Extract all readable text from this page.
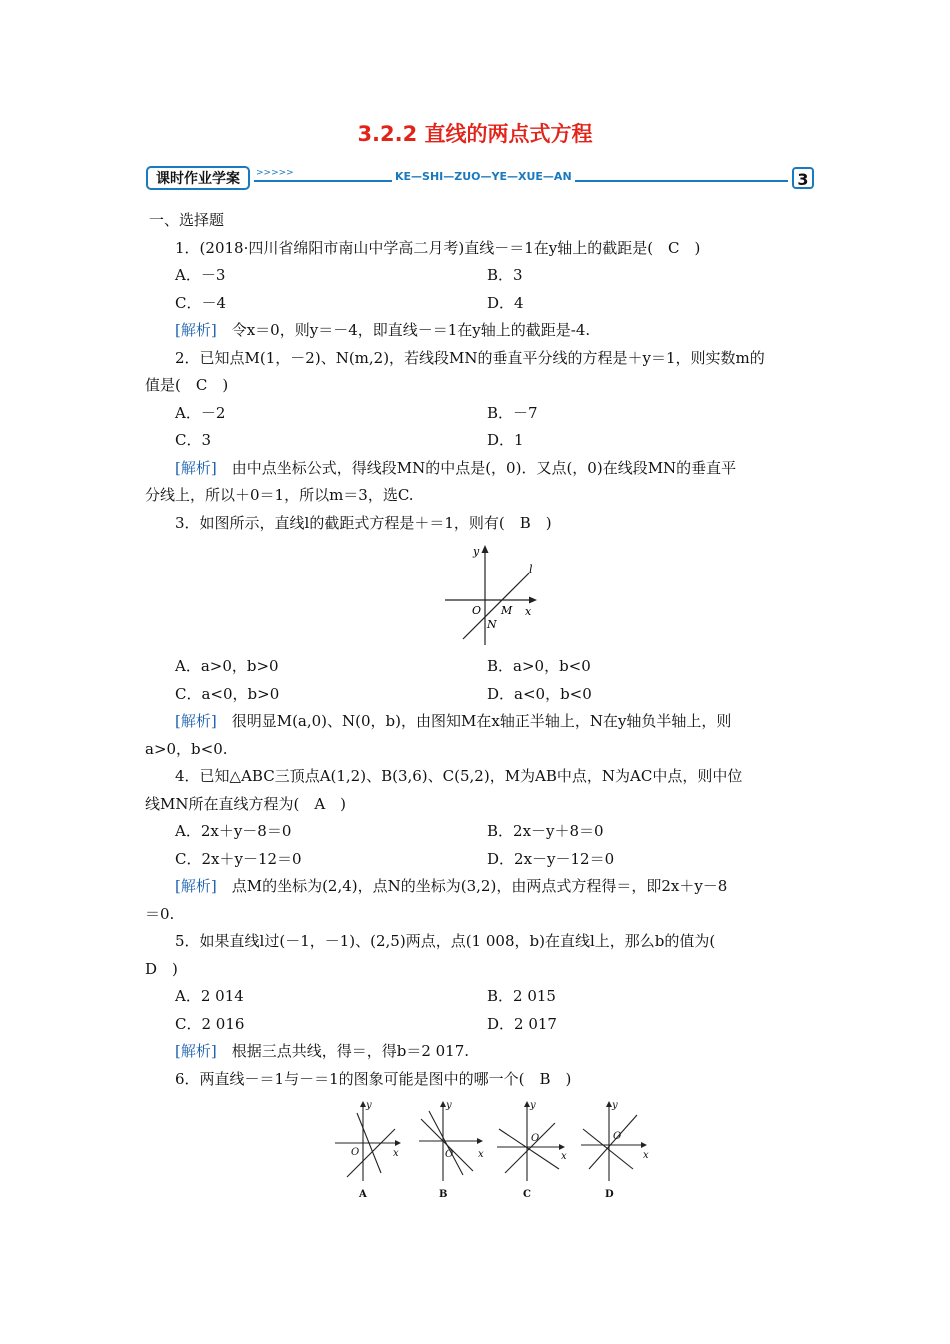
3.2.2 直线的两点式方程
课时作业学案	>>>>>	KE—SHI—ZUO—YE—XUE—AN	3
一、选择题
1．(2018·四川省绵阳市南山中学高二月考)直线－＝1在y轴上的截距是(　C　)
A．－3	B．3
C．－4	D．4
[解析]　令x＝0，则y＝－4，即直线－＝1在y轴上的截距是-4.
2．已知点M(1，－2)、N(m,2)，若线段MN的垂直平分线的方程是＋y＝1，则实数m的
值是(　C　)
A．－2	B．－7
C．3	D．1
[解析]　由中点坐标公式，得线段MN的中点是(，0)．又点(，0)在线段MN的垂直平
分线上，所以＋0＝1，所以m＝3，选C.
3．如图所示，直线l的截距式方程是＋＝1，则有(　B　)
y
x
O M
N
l
A．a>0，b>0	B．a>0，b<0
C．a<0，b>0	D．a<0，b<0
[解析]　很明显M(a,0)、N(0，b)，由图知M在x轴正半轴上，N在y轴负半轴上，则
a>0，b<0.
4．已知△ABC三顶点A(1,2)、B(3,6)、C(5,2)，M为AB中点，N为AC中点，则中位
线MN所在直线方程为(　A　)
A．2x＋y－8＝0	B．2x－y＋8＝0
C．2x＋y－12＝0	D．2x－y－12＝0
[解析]　点M的坐标为(2,4)，点N的坐标为(3,2)，由两点式方程得＝，即2x＋y－8
＝0.
5．如果直线l过(－1，－1)、(2,5)两点，点(1 008，b)在直线l上，那么b的值为(
D　)
A．2 014	B．2 015
C．2 016	D．2 017
[解析]　根据三点共线，得＝，得b＝2 017.
6．两直线－＝1与－＝1的图象可能是图中的哪一个(　B　)
y
x
O
A
y
x
O
B
y
x
O
C
y
x
O
D
